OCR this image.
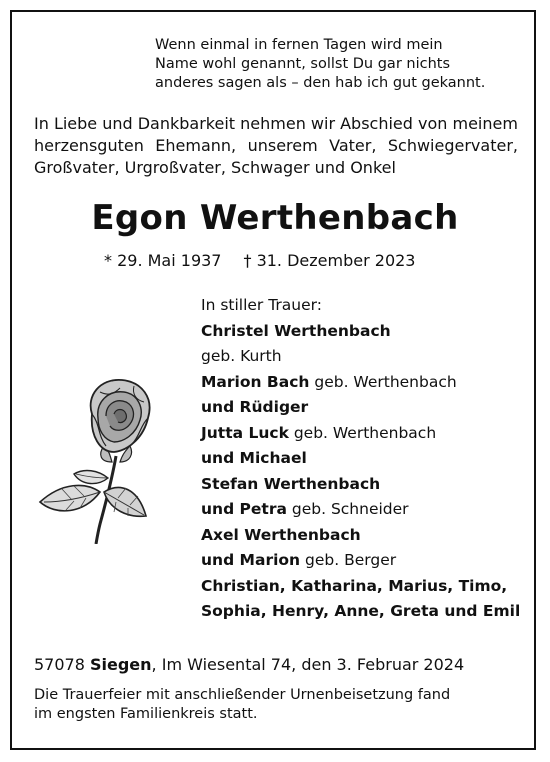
Wenn einmal in fernen Tagen wird mein
Name wohl genannt, sollst Du gar nichts
anderes sagen als – den hab ich gut gekannt.
In Liebe und Dankbarkeit nehmen wir Abschied von meinem
herzensguten Ehemann, unserem Vater, Schwiegervater,
Großvater, Urgroßvater, Schwager und Onkel
Egon Werthenbach
* 29. Mai 1937 † 31. Dezember 2023
In stiller Trauer:
Christel Werthenbach
geb. Kurth
Marion Bach geb. Werthenbach
und Rüdiger
Jutta Luck geb. Werthenbach
und Michael
Stefan Werthenbach
und Petra geb. Schneider
Axel Werthenbach
und Marion geb. Berger
Christian, Katharina, Marius, Timo,
Sophia, Henry, Anne, Greta und Emil
57078 Siegen, Im Wiesental 74, den 3. Februar 2024
Die Trauerfeier mit anschließender Urnenbeisetzung fand
im engsten Familienkreis statt.
